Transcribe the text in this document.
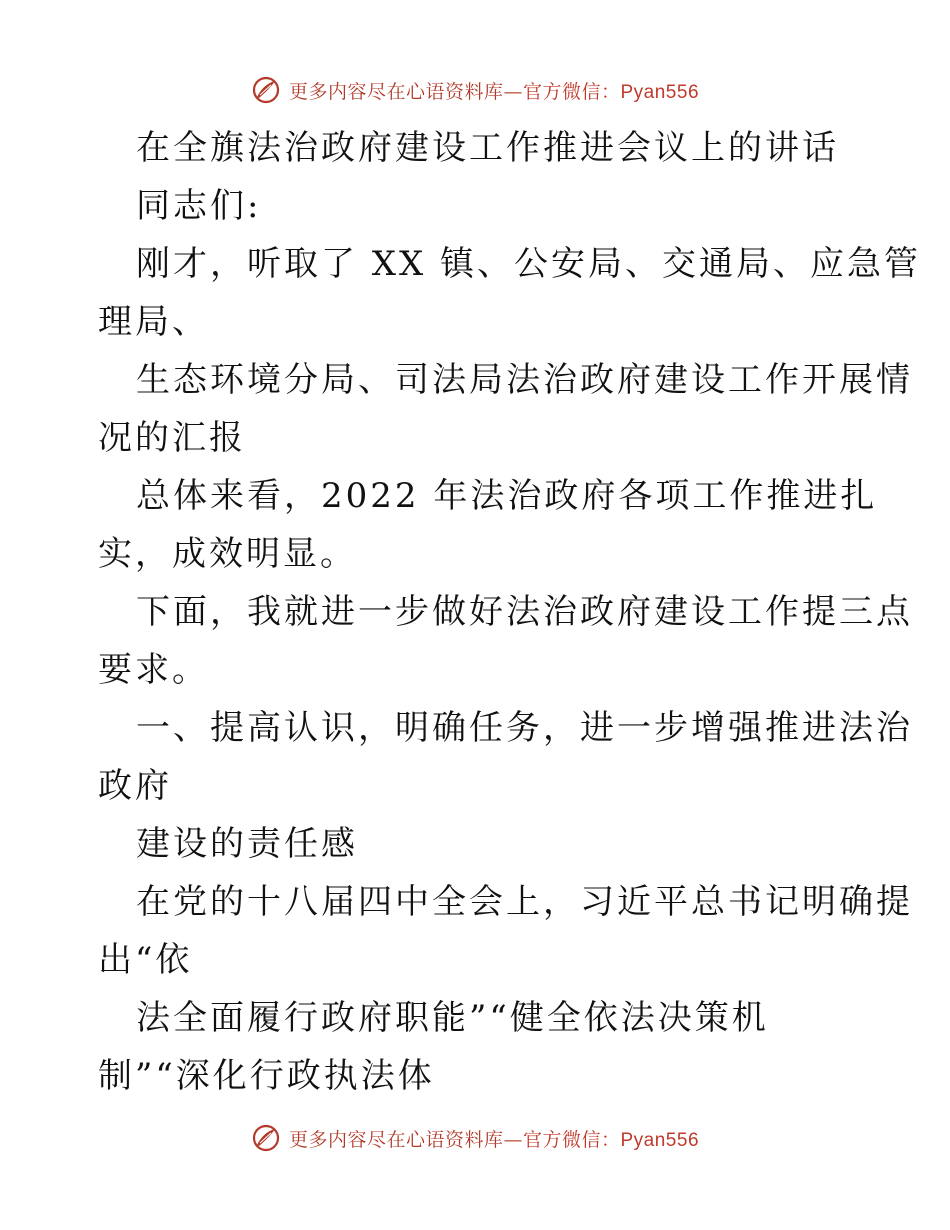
更多内容尽在心语资料库—官方微信：Pyan556
在全旗法治政府建设工作推进会议上的讲话
同志们:
刚才，听取了 XX 镇、公安局、交通局、应急管
理局、
生态环境分局、司法局法治政府建设工作开展情
况的汇报
总体来看，2022 年法治政府各项工作推进扎
实，成效明显。
下面，我就进一步做好法治政府建设工作提三点
要求。
一、提高认识，明确任务，进一步增强推进法治
政府
建设的责任感
在党的十八届四中全会上，习近平总书记明确提
出“依
法全面履行政府职能”“健全依法决策机
制”“深化行政执法体
更多内容尽在心语资料库—官方微信：Pyan556
